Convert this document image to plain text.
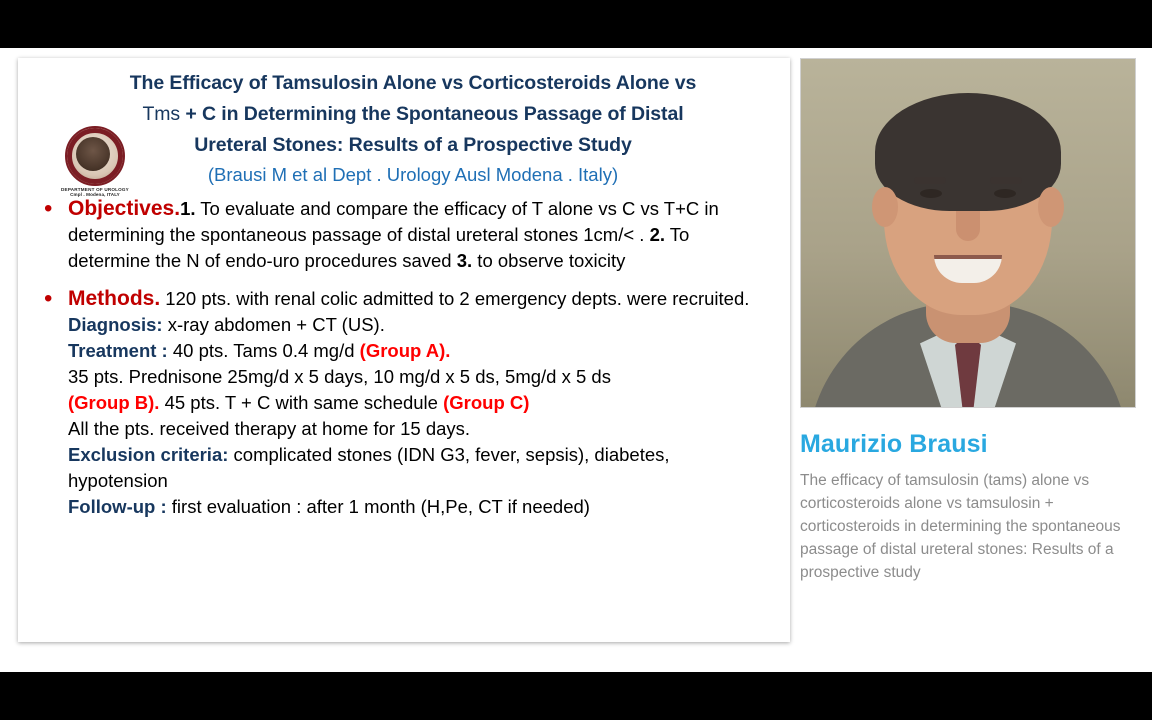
The Efficacy of Tamsulosin Alone vs Corticosteroids Alone vs
Tms + C in Determining the Spontaneous Passage of Distal
Ureteral Stones: Results of a Prospective Study
(Brausi M et al Dept . Urology Ausl Modena . Italy)
DEPARTMENT OF UROLOGY
Cmpl . Modena, ITALY
• Objectives.1. To evaluate and compare the efficacy of T alone vs C vs T+C in determining the spontaneous passage of distal ureteral stones 1cm/< . 2. To determine the N of endo-uro procedures saved 3. to observe toxicity
• Methods. 120 pts. with renal colic admitted to 2 emergency depts. were recruited.
Diagnosis: x-ray abdomen + CT (US).
Treatment : 40 pts. Tams 0.4 mg/d (Group A).
35 pts. Prednisone 25mg/d x 5 days, 10 mg/d x 5 ds, 5mg/d x 5 ds
(Group B). 45 pts. T + C with same schedule (Group C)
All the pts. received therapy at home for 15 days.
Exclusion criteria: complicated stones (IDN G3, fever, sepsis), diabetes, hypotension
Follow-up : first evaluation : after 1 month (H,Pe, CT if needed)
Maurizio Brausi
The efficacy of tamsulosin (tams) alone vs corticosteroids alone vs tamsulosin + corticosteroids in determining the spontaneous passage of distal ureteral stones: Results of a prospective study
